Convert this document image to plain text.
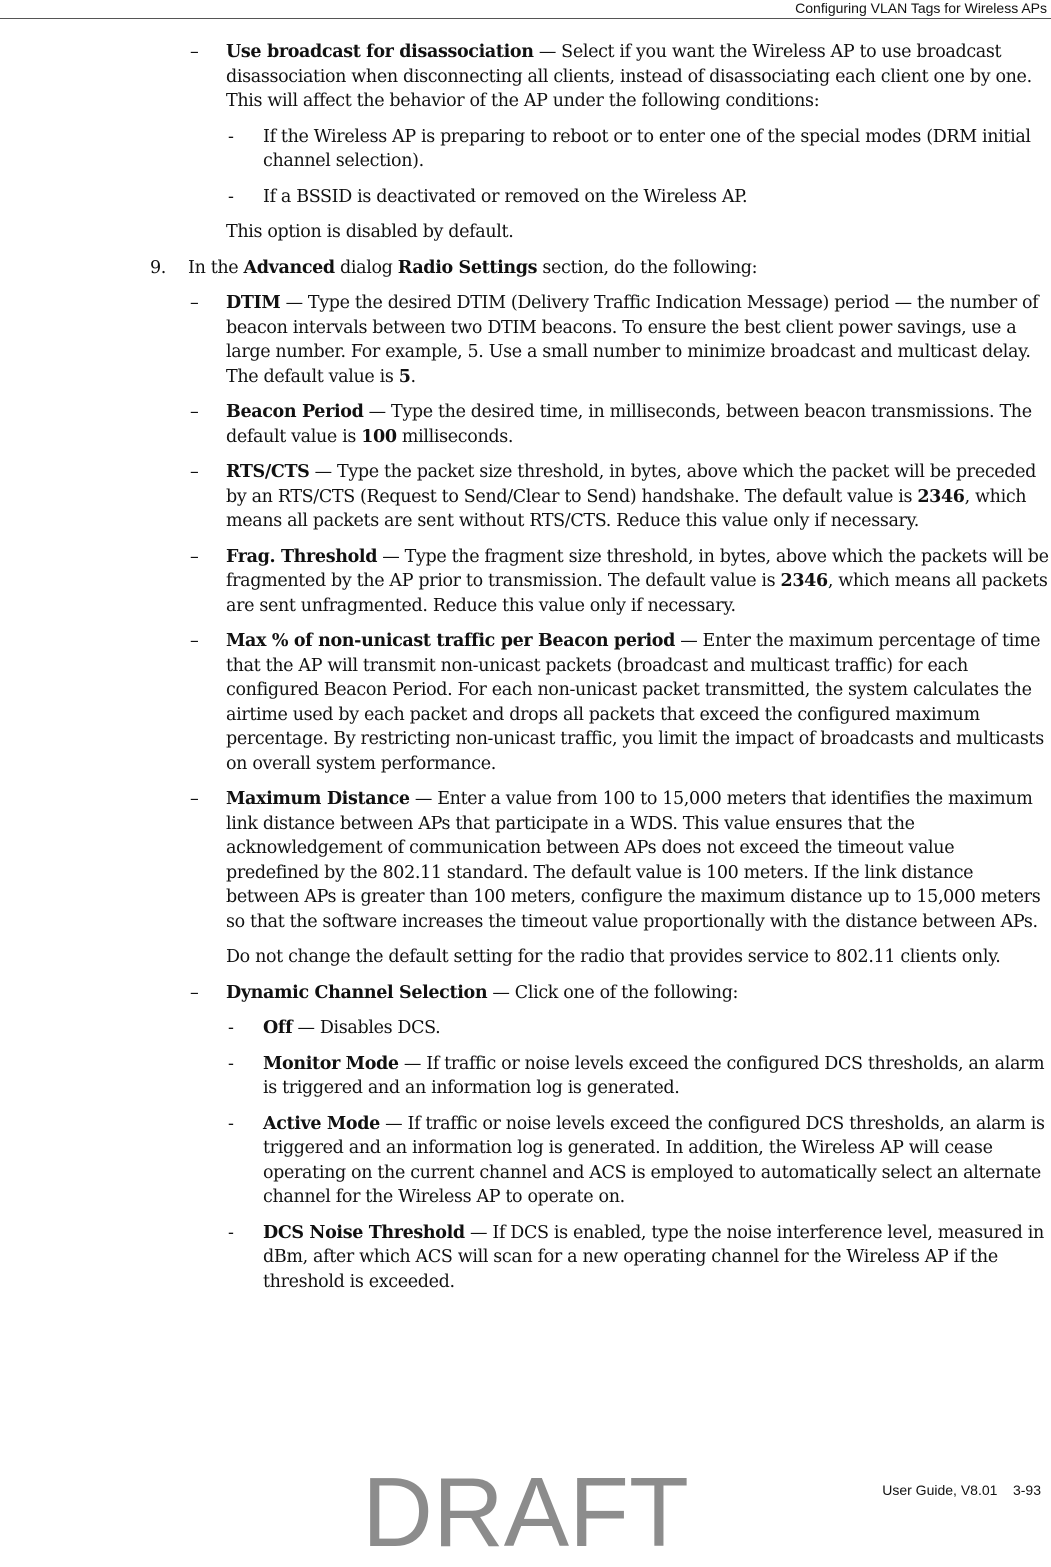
Configuring VLAN Tags for Wireless APs
– Use broadcast for disassociation — Select if you want the Wireless AP to use broadcast disassociation when disconnecting all clients, instead of disassociating each client one by one. This will affect the behavior of the AP under the following conditions:
- If the Wireless AP is preparing to reboot or to enter one of the special modes (DRM initial channel selection).
- If a BSSID is deactivated or removed on the Wireless AP.
This option is disabled by default.
9. In the Advanced dialog Radio Settings section, do the following:
– DTIM — Type the desired DTIM (Delivery Traffic Indication Message) period — the number of beacon intervals between two DTIM beacons. To ensure the best client power savings, use a large number. For example, 5. Use a small number to minimize broadcast and multicast delay. The default value is 5.
– Beacon Period — Type the desired time, in milliseconds, between beacon transmissions. The default value is 100 milliseconds.
– RTS/CTS — Type the packet size threshold, in bytes, above which the packet will be preceded by an RTS/CTS (Request to Send/Clear to Send) handshake. The default value is 2346, which means all packets are sent without RTS/CTS. Reduce this value only if necessary.
– Frag. Threshold — Type the fragment size threshold, in bytes, above which the packets will be fragmented by the AP prior to transmission. The default value is 2346, which means all packets are sent unfragmented. Reduce this value only if necessary.
– Max % of non-unicast traffic per Beacon period — Enter the maximum percentage of time that the AP will transmit non-unicast packets (broadcast and multicast traffic) for each configured Beacon Period. For each non-unicast packet transmitted, the system calculates the airtime used by each packet and drops all packets that exceed the configured maximum percentage. By restricting non-unicast traffic, you limit the impact of broadcasts and multicasts on overall system performance.
– Maximum Distance — Enter a value from 100 to 15,000 meters that identifies the maximum link distance between APs that participate in a WDS. This value ensures that the acknowledgement of communication between APs does not exceed the timeout value predefined by the 802.11 standard. The default value is 100 meters. If the link distance between APs is greater than 100 meters, configure the maximum distance up to 15,000 meters so that the software increases the timeout value proportionally with the distance between APs.
Do not change the default setting for the radio that provides service to 802.11 clients only.
– Dynamic Channel Selection — Click one of the following:
- Off — Disables DCS.
- Monitor Mode — If traffic or noise levels exceed the configured DCS thresholds, an alarm is triggered and an information log is generated.
- Active Mode — If traffic or noise levels exceed the configured DCS thresholds, an alarm is triggered and an information log is generated. In addition, the Wireless AP will cease operating on the current channel and ACS is employed to automatically select an alternate channel for the Wireless AP to operate on.
- DCS Noise Threshold — If DCS is enabled, type the noise interference level, measured in dBm, after which ACS will scan for a new operating channel for the Wireless AP if the threshold is exceeded.
User Guide, V8.01 3-93
DRAFT
